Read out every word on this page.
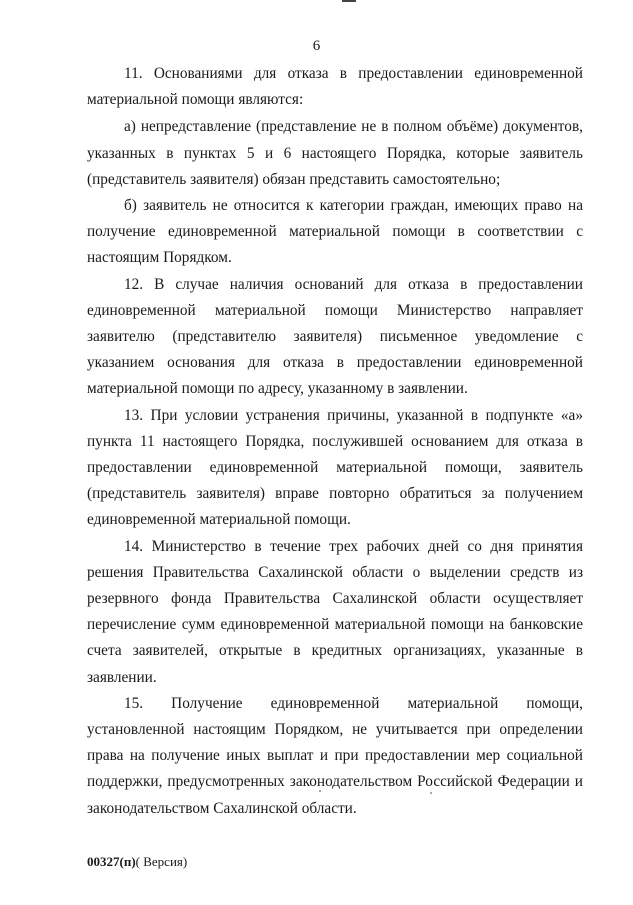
6

11. Основаниями для отказа в предоставлении единовременной материальной помощи являются:

а) непредставление (представление не в полном объёме) документов, указанных в пунктах 5 и 6 настоящего Порядка, которые заявитель (представитель заявителя) обязан представить самостоятельно;

б) заявитель не относится к категории граждан, имеющих право на получение единовременной материальной помощи в соответствии с настоящим Порядком.

12. В случае наличия оснований для отказа в предоставлении единовременной материальной помощи Министерство направляет заявителю (представителю заявителя) письменное уведомление с указанием основания для отказа в предоставлении единовременной материальной помощи по адресу, указанному в заявлении.

13. При условии устранения причины, указанной в подпункте «а» пункта 11 настоящего Порядка, послужившей основанием для отказа в предоставлении единовременной материальной помощи, заявитель (представитель заявителя) вправе повторно обратиться за получением единовременной материальной помощи.

14. Министерство в течение трех рабочих дней со дня принятия решения Правительства Сахалинской области о выделении средств из резервного фонда Правительства Сахалинской области осуществляет перечисление сумм единовременной материальной помощи на банковские счета заявителей, открытые в кредитных организациях, указанные в заявлении.

15. Получение единовременной материальной помощи, установленной настоящим Порядком, не учитывается при определении права на получение иных выплат и при предоставлении мер социальной поддержки, предусмотренных законодательством Российской Федерации и законодательством Сахалинской области.

00327(п)( Версия)
